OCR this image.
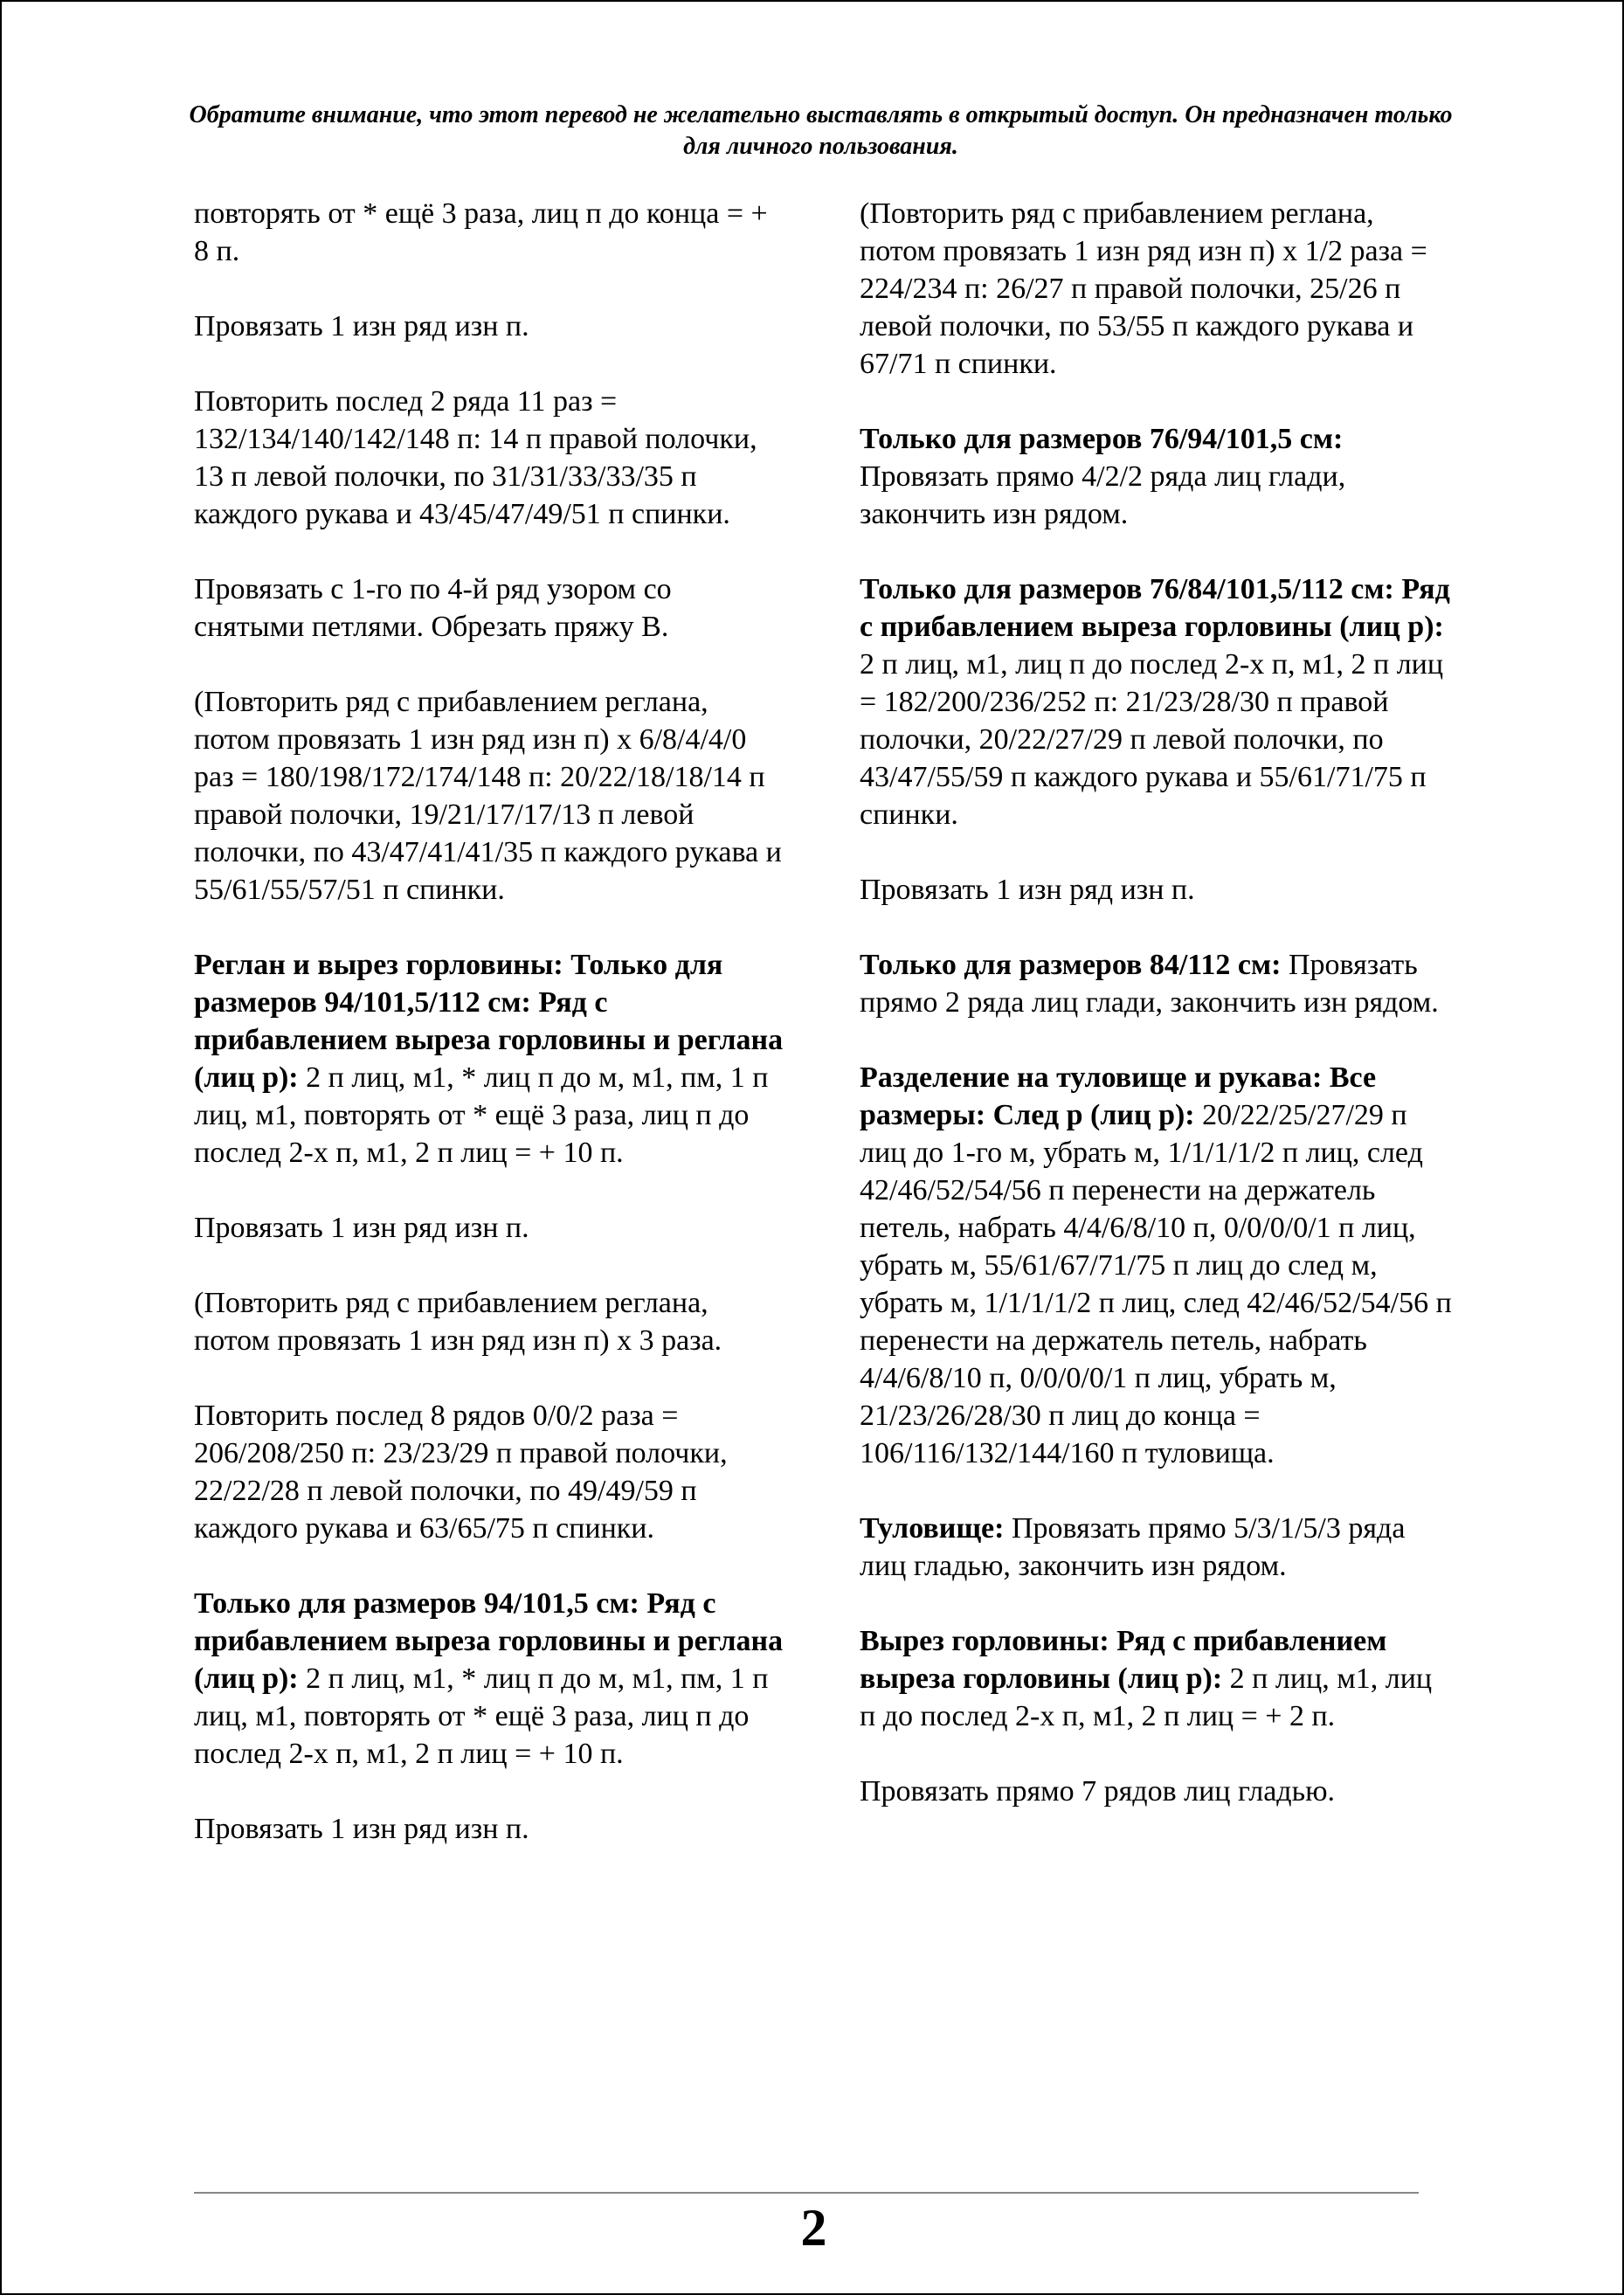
Обратите внимание, что этот перевод не желательно выставлять в открытый доступ. Он предназначен только для личного пользования.

повторять от * ещё 3 раза, лиц п до конца = + 8 п.

Провязать 1 изн ряд изн п.

Повторить послед 2 ряда 11 раз = 132/134/140/142/148 п: 14 п правой полочки, 13 п левой полочки, по 31/31/33/33/35 п каждого рукава и 43/45/47/49/51 п спинки.

Провязать с 1-го по 4-й ряд узором со снятыми петлями. Обрезать пряжу B.

(Повторить ряд с прибавлением реглана, потом провязать 1 изн ряд изн п) x 6/8/4/4/0 раз = 180/198/172/174/148 п: 20/22/18/18/14 п правой полочки, 19/21/17/17/13 п левой полочки, по 43/47/41/41/35 п каждого рукава и 55/61/55/57/51 п спинки.

Реглан и вырез горловины: Только для размеров 94/101,5/112 см: Ряд с прибавлением выреза горловины и реглана (лиц р): 2 п лиц, м1, * лиц п до м, м1, пм, 1 п лиц, м1, повторять от * ещё 3 раза, лиц п до послед 2-х п, м1, 2 п лиц = + 10 п.

Провязать 1 изн ряд изн п.

(Повторить ряд с прибавлением реглана, потом провязать 1 изн ряд изн п) x 3 раза.

Повторить послед 8 рядов 0/0/2 раза = 206/208/250 п: 23/23/29 п правой полочки, 22/22/28 п левой полочки, по 49/49/59 п каждого рукава и 63/65/75 п спинки.

Только для размеров 94/101,5 см: Ряд с прибавлением выреза горловины и реглана (лиц р): 2 п лиц, м1, * лиц п до м, м1, пм, 1 п лиц, м1, повторять от * ещё 3 раза, лиц п до послед 2-х п, м1, 2 п лиц = + 10 п.

Провязать 1 изн ряд изн п.

(Повторить ряд с прибавлением реглана, потом провязать 1 изн ряд изн п) x 1/2 раза = 224/234 п: 26/27 п правой полочки, 25/26 п левой полочки, по 53/55 п каждого рукава и 67/71 п спинки.

Только для размеров 76/94/101,5 см: Провязать прямо 4/2/2 ряда лиц глади, закончить изн рядом.

Только для размеров 76/84/101,5/112 см: Ряд с прибавлением выреза горловины (лиц р): 2 п лиц, м1, лиц п до послед 2-х п, м1, 2 п лиц = 182/200/236/252 п: 21/23/28/30 п правой полочки, 20/22/27/29 п левой полочки, по 43/47/55/59 п каждого рукава и 55/61/71/75 п спинки.

Провязать 1 изн ряд изн п.

Только для размеров 84/112 см: Провязать прямо 2 ряда лиц глади, закончить изн рядом.

Разделение на туловище и рукава: Все размеры: След р (лиц р): 20/22/25/27/29 п лиц до 1-го м, убрать м, 1/1/1/1/2 п лиц, след 42/46/52/54/56 п перенести на держатель петель, набрать 4/4/6/8/10 п, 0/0/0/0/1 п лиц, убрать м, 55/61/67/71/75 п лиц до след м, убрать м, 1/1/1/1/2 п лиц, след 42/46/52/54/56 п перенести на держатель петель, набрать 4/4/6/8/10 п, 0/0/0/0/1 п лиц, убрать м, 21/23/26/28/30 п лиц до конца = 106/116/132/144/160 п туловища.

Туловище: Провязать прямо 5/3/1/5/3 ряда лиц гладью, закончить изн рядом.

Вырез горловины: Ряд с прибавлением выреза горловины (лиц р): 2 п лиц, м1, лиц п до послед 2-х п, м1, 2 п лиц = + 2 п.

Провязать прямо 7 рядов лиц гладью.

2
